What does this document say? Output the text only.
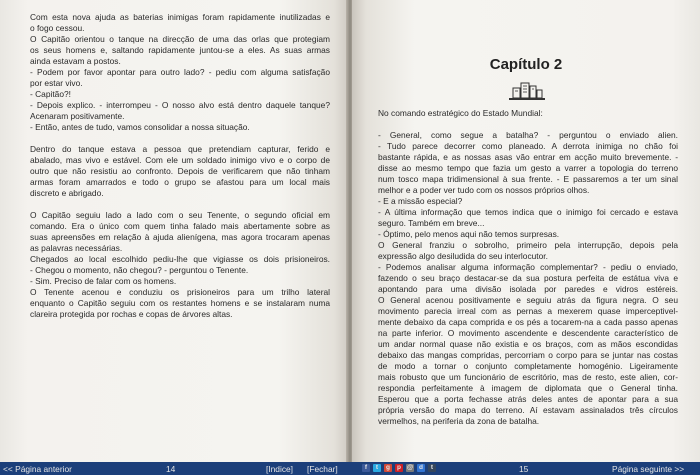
Com esta nova ajuda as baterias inimigas foram rapidamente inutilizadas e

o fogo cessou.

O Capitão orientou o tanque na direcção de uma das orlas que protegiam

os seus homens e, saltando rapidamente juntou-se a eles. As suas armas

ainda estavam a postos.

- Podem por favor apontar para outro lado? - pediu com alguma satisfação

por estar vivo.

- Capitão?!

- Depois explico. - interrompeu - O nosso alvo está dentro daquele tanque?

Acenaram positivamente.

- Então, antes de tudo, vamos consolidar a nossa situação.

Dentro do tanque estava a pessoa que pretendiam capturar, ferido e

abalado, mas vivo e estável. Com ele um soldado inimigo vivo e o corpo de

outro que não resistiu ao confronto. Depois de verificarem que não tinham

armas foram amarrados e todo o grupo se afastou para um local mais

discreto e abrigado.

O Capitão seguiu lado a lado com o seu Tenente, o segundo oficial em

comando. Era o único com quem tinha falado mais abertamente sobre as

suas apreensões em relação à ajuda alienígena, mas agora trocaram apenas

as palavras necessárias.

Chegados ao local escolhido pediu-lhe que vigiasse os dois prisioneiros.

- Chegou o momento, não chegou? - perguntou o Tenente.

- Sim. Preciso de falar com os homens.

O Tenente acenou e conduziu os prisioneiros para um trilho lateral

enquanto o Capitão seguiu com os restantes homens e se instalaram numa

clareira protegida por rochas e copas de árvores altas.

Capítulo 2

No comando estratégico do Estado Mundial:

- General, como segue a batalha? - perguntou o enviado alien.

- Tudo parece decorrer como planeado. A derrota inimiga no chão foi

bastante rápida, e as nossas asas vão entrar em acção muito brevemente. -

disse ao mesmo tempo que fazia um gesto a varrer a topologia do terreno

num tosco mapa tridimensional à sua frente. - E passaremos a ter um sinal

melhor e a poder ver tudo com os nossos próprios olhos.

- E a missão especial?

- A última informação que temos indica que o inimigo foi cercado e estava

seguro. Também em breve...

- Óptimo, pelo menos aqui não temos surpresas.

O General franziu o sobrolho, primeiro pela interrupção, depois pela

expressão algo desiludida do seu interlocutor.

- Podemos analisar alguma informação complementar? - pediu o enviado,

fazendo o seu braço destacar-se da sua postura perfeita de estátua viva e

apontando para uma divisão isolada por paredes e vidros estéreis.

O General acenou positivamente e seguiu atrás da figura negra. O seu

movimento parecia irreal com as pernas a mexerem quase imperceptivel-

mente debaixo da capa comprida e os pés a tocarem-na a cada passo apenas

na parte inferior. O movimento ascendente e descendente característico de

um andar normal quase não existia e os braços, com as mãos escondidas

debaixo das mangas compridas, percorriam o corpo para se juntar nas costas

de modo a tornar o conjunto completamente homogénio. Ligeiramente

mais robusto que um funcionário de escritório, mas de resto, este alien, cor-

respondia perfeitamente à imagem de diplomata que o General tinha.

Esperou que a porta fechasse atrás deles antes de apontar para a sua

própria versão do mapa do terreno. Aí estavam assinalados três círculos

vermelhos, na periferia da zona de batalha.

<< Página anterior	14	[Indice] [Fechar]	f	t	g	p @ d	t	15	Página seguinte >>
